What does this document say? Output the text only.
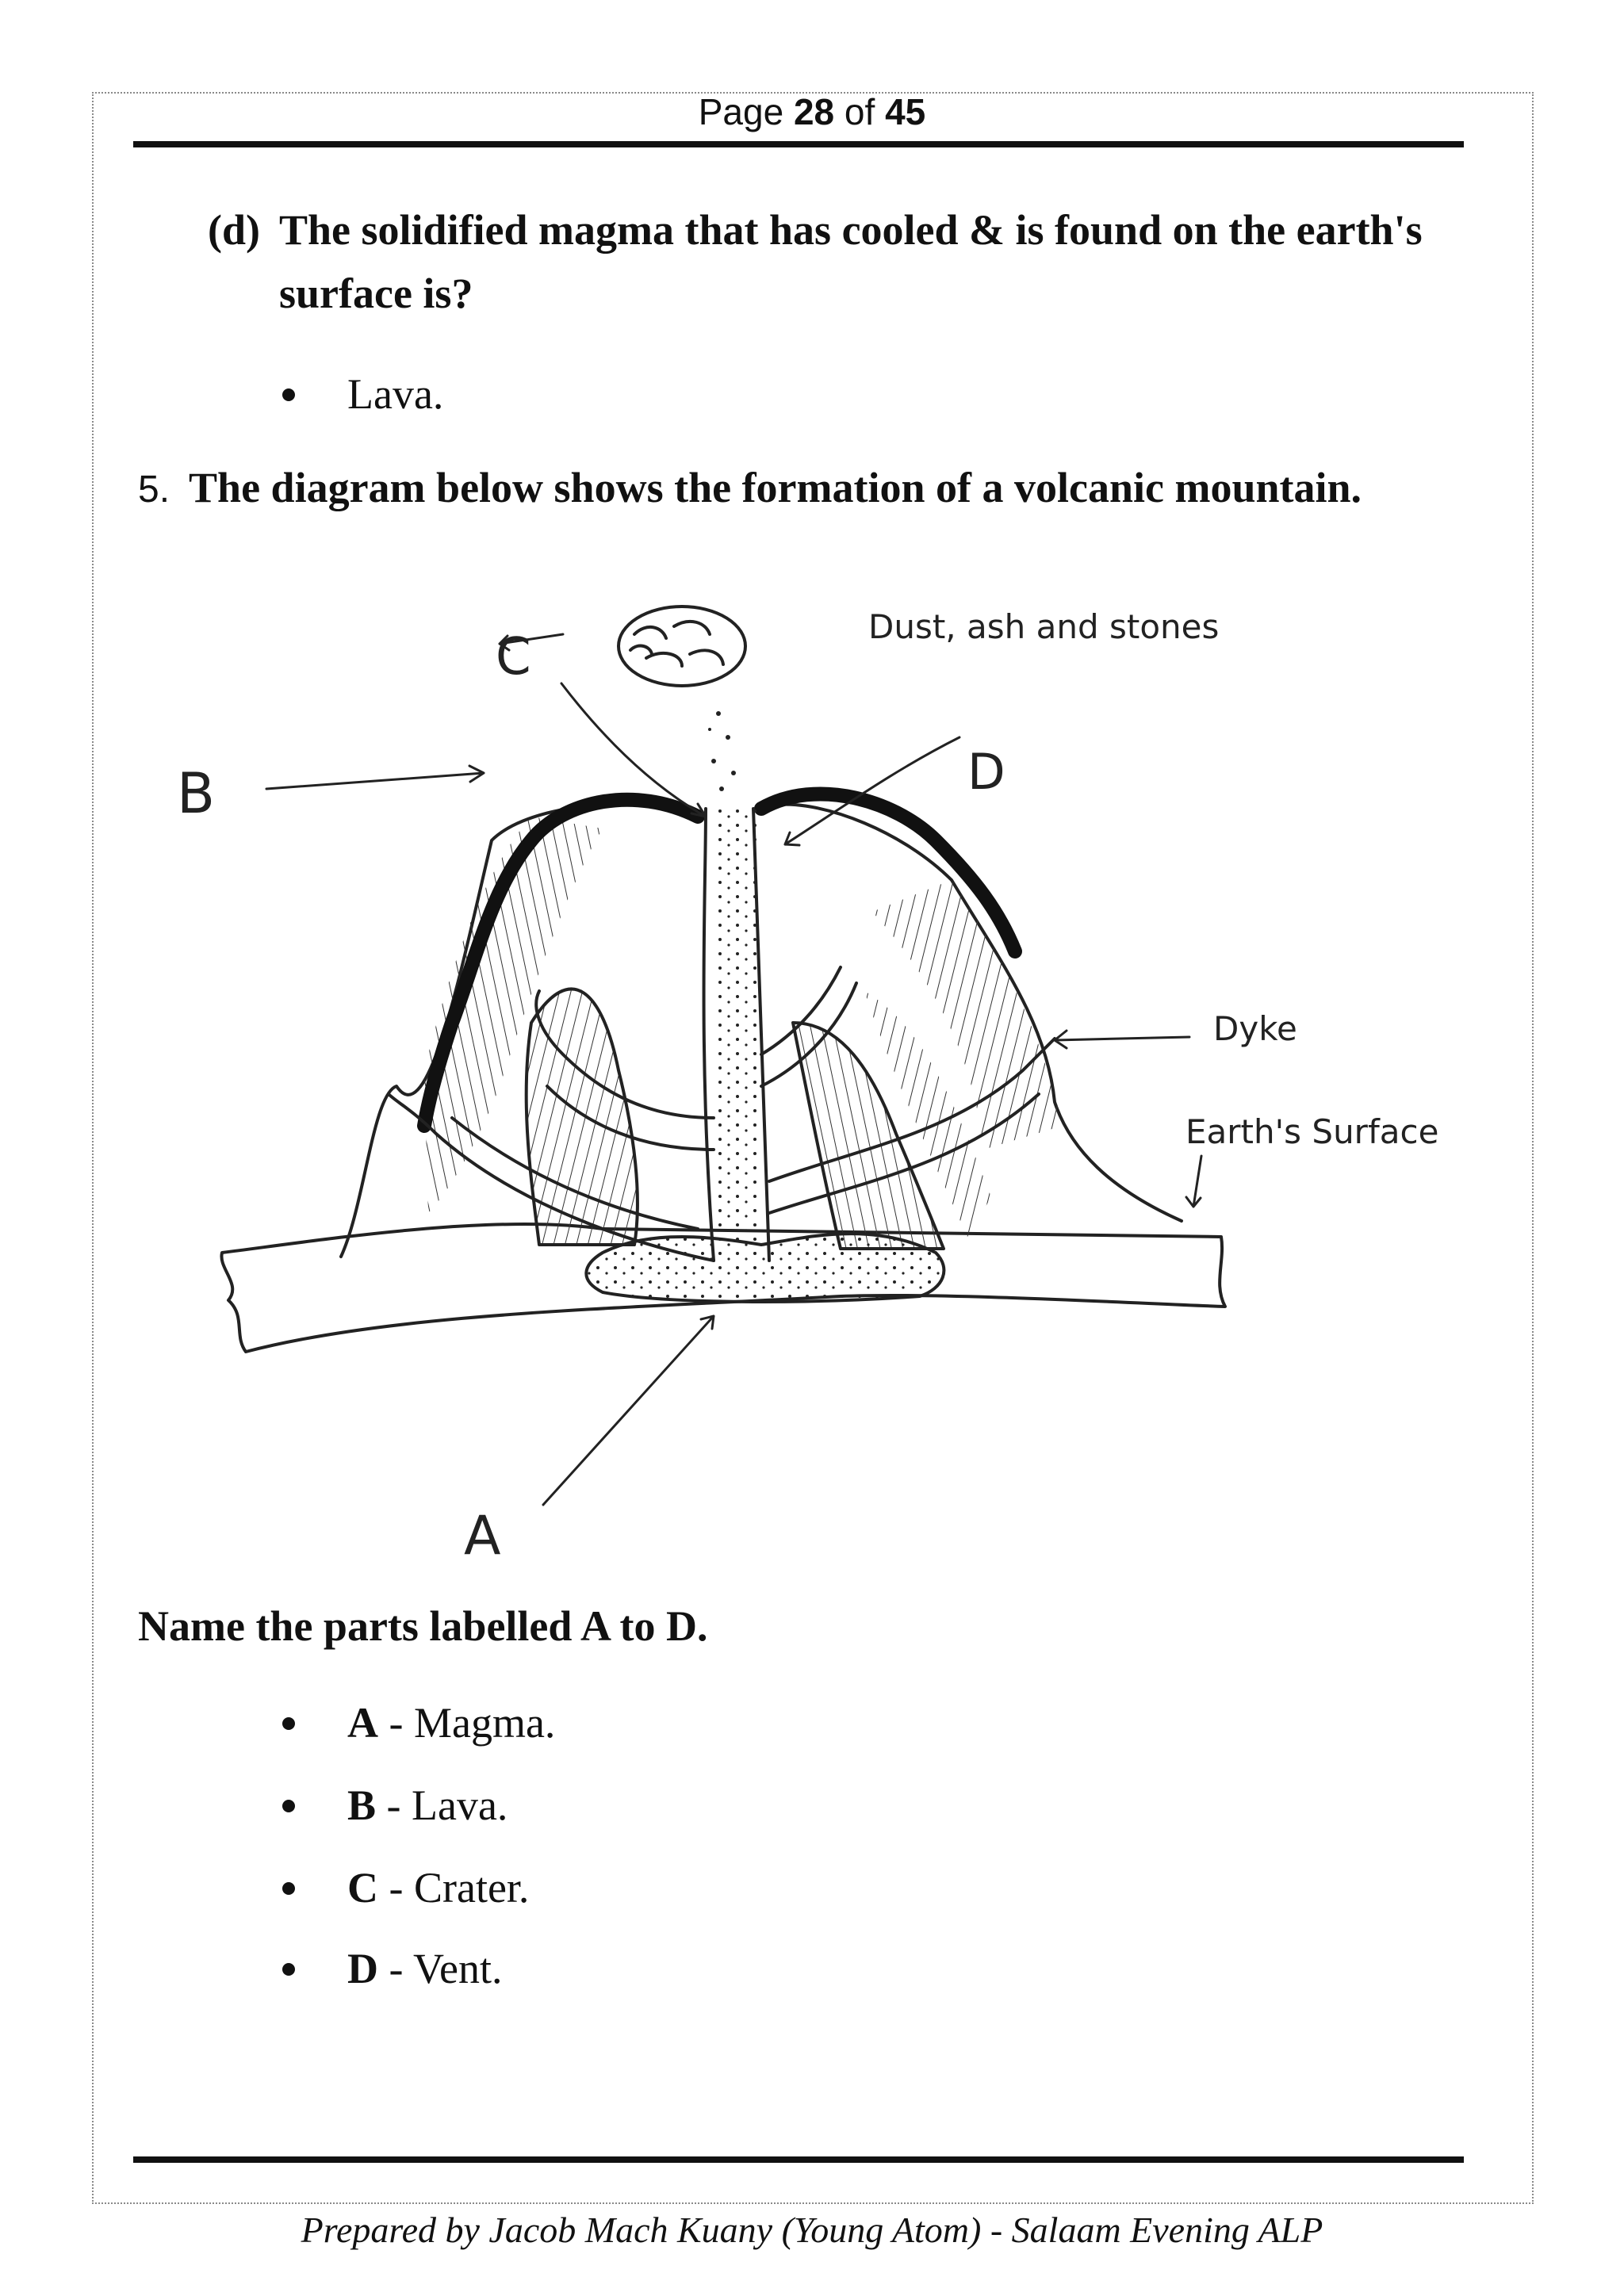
Page 28 of 45
(d) The solidified magma that has cooled & is found on the earth's surface is?
Lava.
5. The diagram below shows the formation of a volcanic mountain.
C
D
B
A
Dust, ash and stones
Dyke
Earth's Surface
Name the parts labelled A to D.
A - Magma.
B - Lava.
C - Crater.
D - Vent.
Prepared by Jacob Mach Kuany (Young Atom) - Salaam Evening ALP
